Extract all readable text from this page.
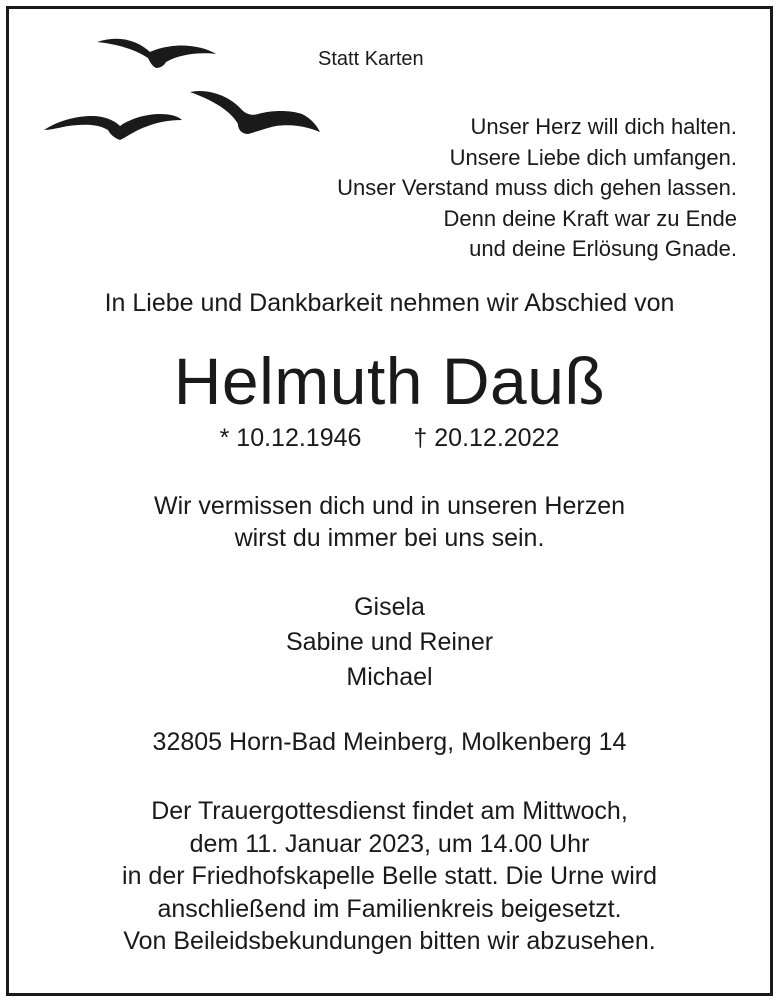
Statt Karten
Unser Herz will dich halten.
Unsere Liebe dich umfangen.
Unser Verstand muss dich gehen lassen.
Denn deine Kraft war zu Ende
und deine Erlösung Gnade.
In Liebe und Dankbarkeit nehmen wir Abschied von
Helmuth Dauß
* 10.12.1946 † 20.12.2022
Wir vermissen dich und in unseren Herzen
wirst du immer bei uns sein.
Gisela
Sabine und Reiner
Michael
32805 Horn-Bad Meinberg, Molkenberg 14
Der Trauergottesdienst findet am Mittwoch,
dem 11. Januar 2023, um 14.00 Uhr
in der Friedhofskapelle Belle statt. Die Urne wird
anschließend im Familienkreis beigesetzt.
Von Beileidsbekundungen bitten wir abzusehen.
